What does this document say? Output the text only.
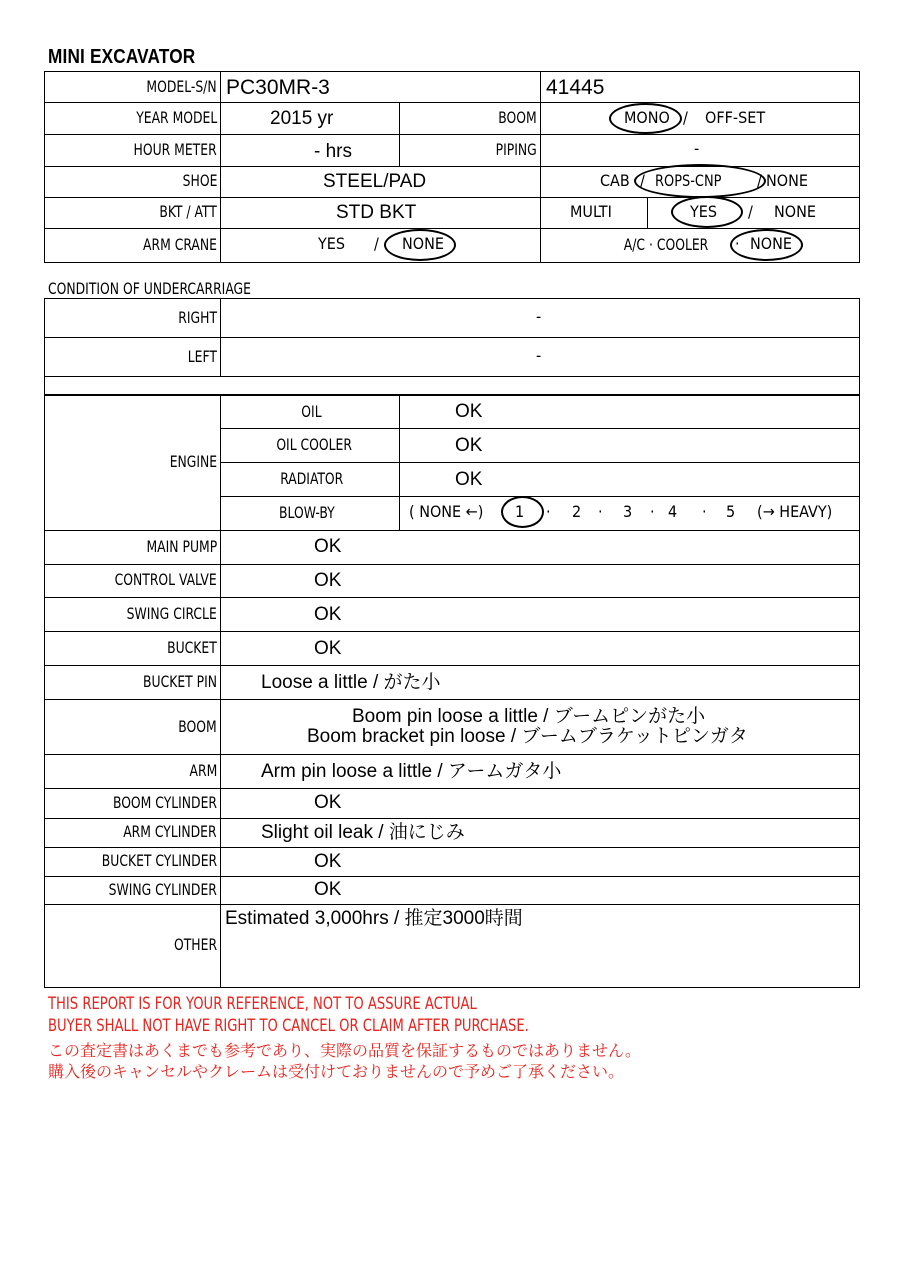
MINI EXCAVATOR
MODEL-S/N PC30MR-3	41445
YEAR MODEL	2015 yr	BOOM	MONO / OFF-SET
HOUR METER	- hrs	PIPING	-
SHOE	STEEL/PAD	CAB / ROPS-CNP / NONE
BKT / ATT	STD BKT	MULTI	YES / NONE
ARM CRANE	YES / NONE	A/C · COOLER · NONE
CONDITION OF UNDERCARRIAGE
RIGHT	-
LEFT	-
ENGINE
OIL	OK
OIL COOLER	OK
RADIATOR	OK
BLOW-BY	( NONE ←) 1 · 2 · 3 · 4 · 5 (→ HEAVY)
MAIN PUMP	OK
CONTROL VALVE	OK
SWING CIRCLE	OK
BUCKET	OK
BUCKET PIN Loose a little / がた小
BOOM	Boom pin loose a little / ブームピンがた小
Boom bracket pin loose / ブームブラケットピンガタ
ARM Arm pin loose a little / アームガタ小
BOOM CYLINDER	OK
ARM CYLINDER Slight oil leak / 油にじみ
BUCKET CYLINDER	OK
SWING CYLINDER	OK
OTHER
Estimated 3,000hrs / 推定3000時間
THIS REPORT IS FOR YOUR REFERENCE, NOT TO ASSURE ACTUAL
BUYER SHALL NOT HAVE RIGHT TO CANCEL OR CLAIM AFTER PURCHASE.
この査定書はあくまでも参考であり、実際の品質を保証するものではありません。
購入後のキャンセルやクレームは受付けておりませんので予めご了承ください。
